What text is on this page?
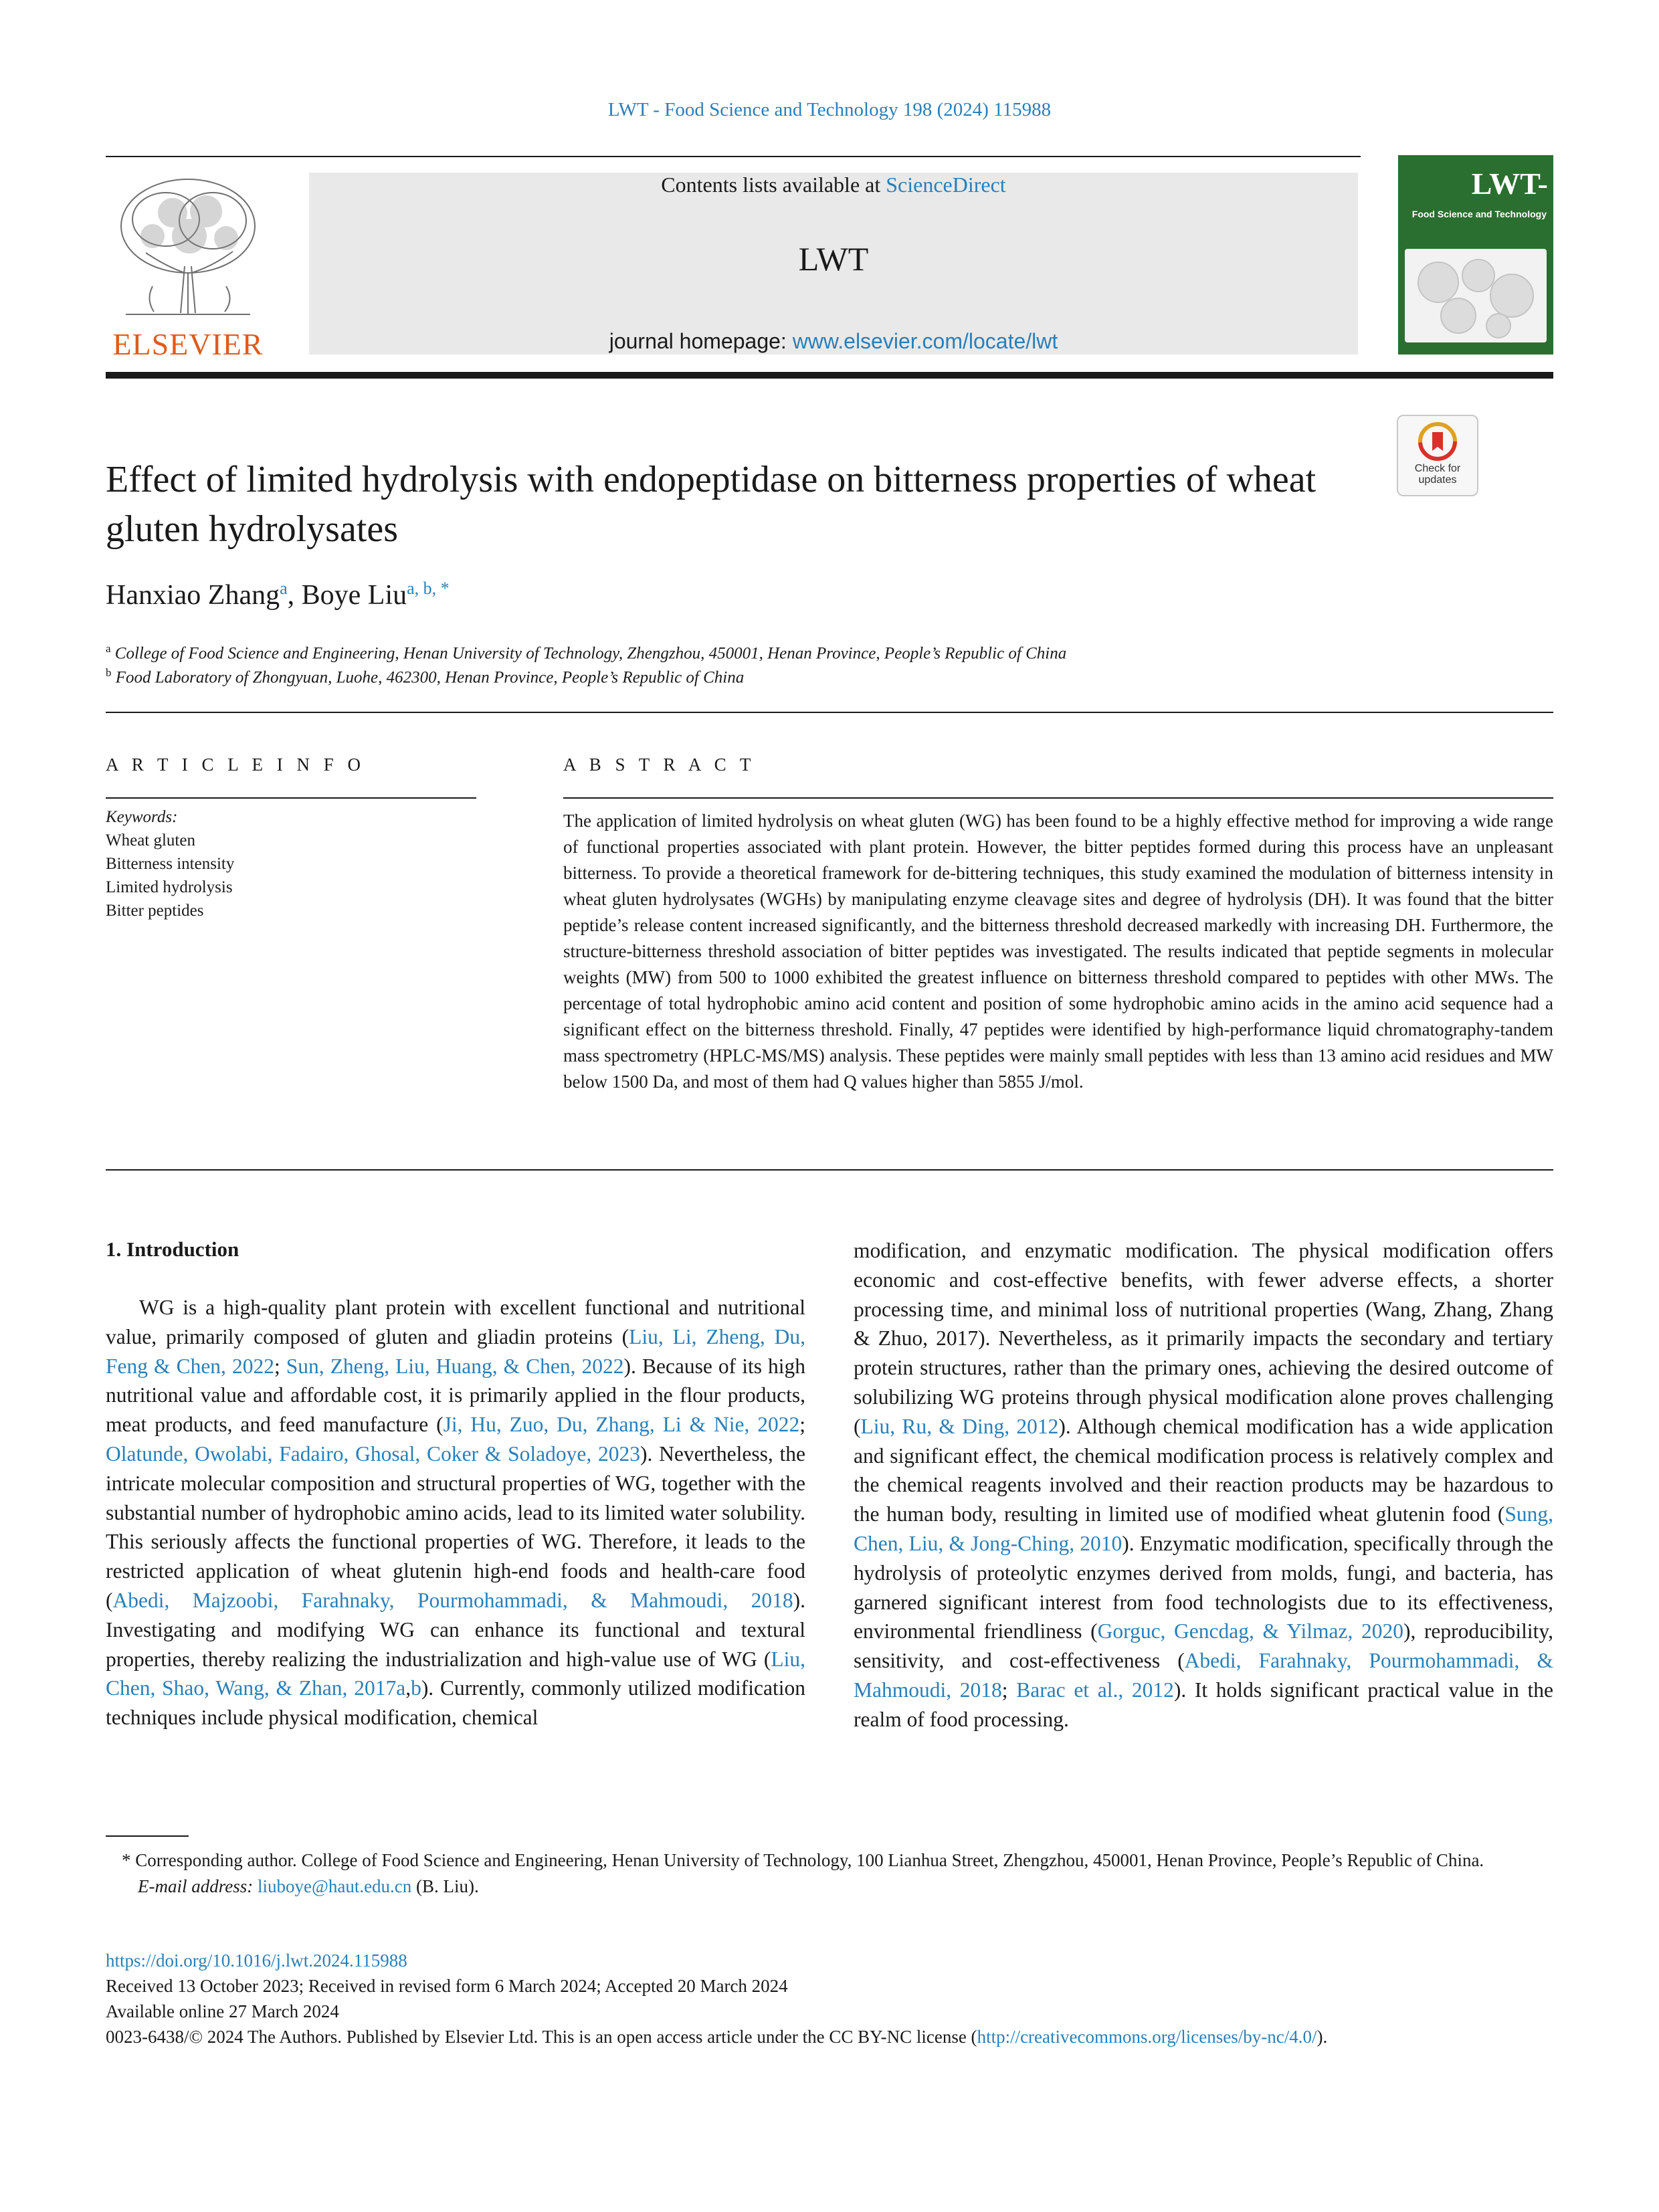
LWT - Food Science and Technology 198 (2024) 115988
ELSEVIER
Contents lists available at ScienceDirect
LWT
journal homepage: www.elsevier.com/locate/lwt
LWT-
Food Science and Technology
Check for updates
Effect of limited hydrolysis with endopeptidase on bitterness properties of wheat gluten hydrolysates
Hanxiao Zhang$^a$, Boye Liu$^{a, b, *}$
$^a$ College of Food Science and Engineering, Henan University of Technology, Zhengzhou, 450001, Henan Province, People’s Republic of China
$^b$ Food Laboratory of Zhongyuan, Luohe, 462300, Henan Province, People’s Republic of China
A R T I C L E I N F O
Keywords:
Wheat gluten
Bitterness intensity
Limited hydrolysis
Bitter peptides
A B S T R A C T
The application of limited hydrolysis on wheat gluten (WG) has been found to be a highly effective method for improving a wide range of functional properties associated with plant protein. However, the bitter peptides formed during this process have an unpleasant bitterness. To provide a theoretical framework for de-bittering techniques, this study examined the modulation of bitterness intensity in wheat gluten hydrolysates (WGHs) by manipulating enzyme cleavage sites and degree of hydrolysis (DH). It was found that the bitter peptide’s release content increased significantly, and the bitterness threshold decreased markedly with increasing DH. Furthermore, the structure-bitterness threshold association of bitter peptides was investigated. The results indicated that peptide segments in molecular weights (MW) from 500 to 1000 exhibited the greatest influence on bitterness threshold compared to peptides with other MWs. The percentage of total hydrophobic amino acid content and position of some hydrophobic amino acids in the amino acid sequence had a significant effect on the bitterness threshold. Finally, 47 peptides were identified by high-performance liquid chromatography-tandem mass spectrometry (HPLC-MS/MS) analysis. These peptides were mainly small peptides with less than 13 amino acid residues and MW below 1500 Da, and most of them had Q values higher than 5855 J/mol.
1. Introduction

WG is a high-quality plant protein with excellent functional and nutritional value, primarily composed of gluten and gliadin proteins (Liu, Li, Zheng, Du, Feng & Chen, 2022; Sun, Zheng, Liu, Huang, & Chen, 2022). Because of its high nutritional value and affordable cost, it is primarily applied in the flour products, meat products, and feed manufacture (Ji, Hu, Zuo, Du, Zhang, Li & Nie, 2022; Olatunde, Owolabi, Fadairo, Ghosal, Coker & Soladoye, 2023). Nevertheless, the intricate molecular composition and structural properties of WG, together with the substantial number of hydrophobic amino acids, lead to its limited water solubility. This seriously affects the functional properties of WG. Therefore, it leads to the restricted application of wheat glutenin high-end foods and health-care food (Abedi, Majzoobi, Farahnaky, Pourmohammadi, & Mahmoudi, 2018). Investigating and modifying WG can enhance its functional and textural properties, thereby realizing the industrialization and high-value use of WG (Liu, Chen, Shao, Wang, & Zhan, 2017a,b). Currently, commonly utilized modification techniques include physical modification, chemical

modification, and enzymatic modification. The physical modification offers economic and cost-effective benefits, with fewer adverse effects, a shorter processing time, and minimal loss of nutritional properties (Wang, Zhang, Zhang & Zhuo, 2017). Nevertheless, as it primarily impacts the secondary and tertiary protein structures, rather than the primary ones, achieving the desired outcome of solubilizing WG proteins through physical modification alone proves challenging (Liu, Ru, & Ding, 2012). Although chemical modification has a wide application and significant effect, the chemical modification process is relatively complex and the chemical reagents involved and their reaction products may be hazardous to the human body, resulting in limited use of modified wheat glutenin food (Sung, Chen, Liu, & Jong-Ching, 2010). Enzymatic modification, specifically through the hydrolysis of proteolytic enzymes derived from molds, fungi, and bacteria, has garnered significant interest from food technologists due to its effectiveness, environmental friendliness (Gorguc, Gencdag, & Yilmaz, 2020), reproducibility, sensitivity, and cost-effectiveness (Abedi, Farahnaky, Pourmohammadi, & Mahmoudi, 2018; Barac et al., 2012). It holds significant practical value in the realm of food processing.

* Corresponding author. College of Food Science and Engineering, Henan University of Technology, 100 Lianhua Street, Zhengzhou, 450001, Henan Province, People’s Republic of China.
E-mail address: liuboye@haut.edu.cn (B. Liu).
https://doi.org/10.1016/j.lwt.2024.115988
Received 13 October 2023; Received in revised form 6 March 2024; Accepted 20 March 2024
Available online 27 March 2024
0023-6438/© 2024 The Authors. Published by Elsevier Ltd. This is an open access article under the CC BY-NC license (http://creativecommons.org/licenses/by-nc/4.0/).
